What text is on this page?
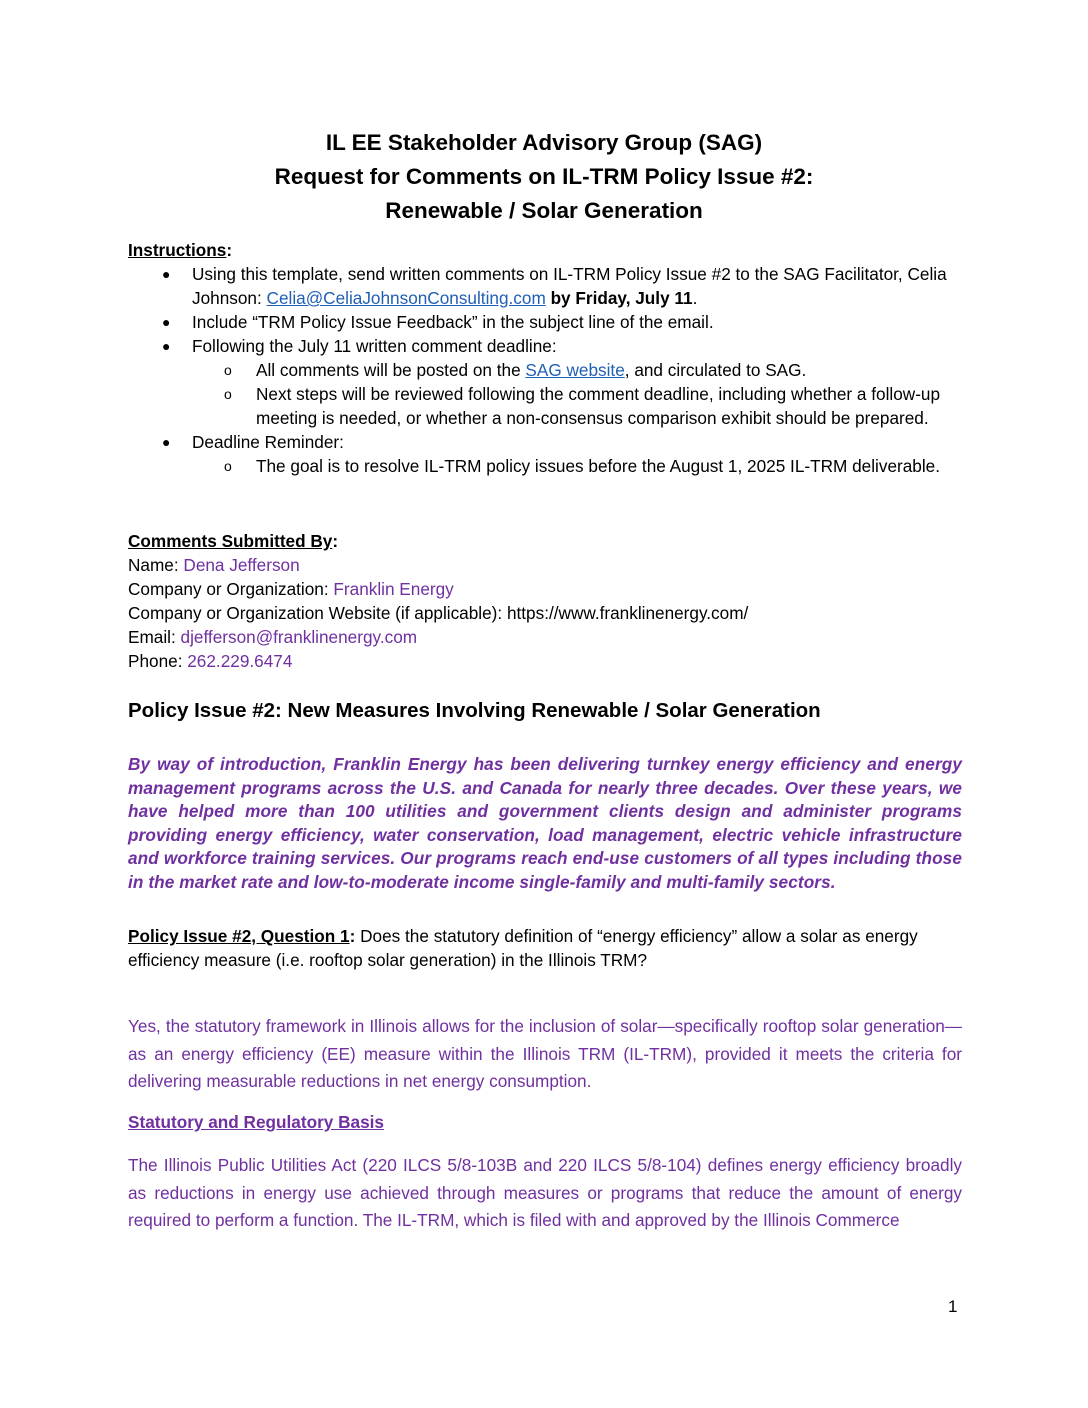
IL EE Stakeholder Advisory Group (SAG)
Request for Comments on IL-TRM Policy Issue #2:
Renewable / Solar Generation
Instructions:
● Using this template, send written comments on IL-TRM Policy Issue #2 to the SAG Facilitator, Celia Johnson: Celia@CeliaJohnsonConsulting.com by Friday, July 11.
● Include “TRM Policy Issue Feedback” in the subject line of the email.
● Following the July 11 written comment deadline:
o All comments will be posted on the SAG website, and circulated to SAG.
o Next steps will be reviewed following the comment deadline, including whether a follow-up meeting is needed, or whether a non-consensus comparison exhibit should be prepared.
● Deadline Reminder:
o The goal is to resolve IL-TRM policy issues before the August 1, 2025 IL-TRM deliverable.
Comments Submitted By:
Name: Dena Jefferson
Company or Organization: Franklin Energy
Company or Organization Website (if applicable): https://www.franklinenergy.com/
Email: djefferson@franklinenergy.com
Phone: 262.229.6474
Policy Issue #2: New Measures Involving Renewable / Solar Generation
By way of introduction, Franklin Energy has been delivering turnkey energy efficiency and energy management programs across the U.S. and Canada for nearly three decades. Over these years, we have helped more than 100 utilities and government clients design and administer programs providing energy efficiency, water conservation, load management, electric vehicle infrastructure and workforce training services. Our programs reach end-use customers of all types including those in the market rate and low-to-moderate income single-family and multi-family sectors.
Policy Issue #2, Question 1: Does the statutory definition of “energy efficiency” allow a solar as energy efficiency measure (i.e. rooftop solar generation) in the Illinois TRM?
Yes, the statutory framework in Illinois allows for the inclusion of solar—specifically rooftop solar generation—as an energy efficiency (EE) measure within the Illinois TRM (IL-TRM), provided it meets the criteria for delivering measurable reductions in net energy consumption.
Statutory and Regulatory Basis
The Illinois Public Utilities Act (220 ILCS 5/8-103B and 220 ILCS 5/8-104) defines energy efficiency broadly as reductions in energy use achieved through measures or programs that reduce the amount of energy required to perform a function. The IL-TRM, which is filed with and approved by the Illinois Commerce
1
